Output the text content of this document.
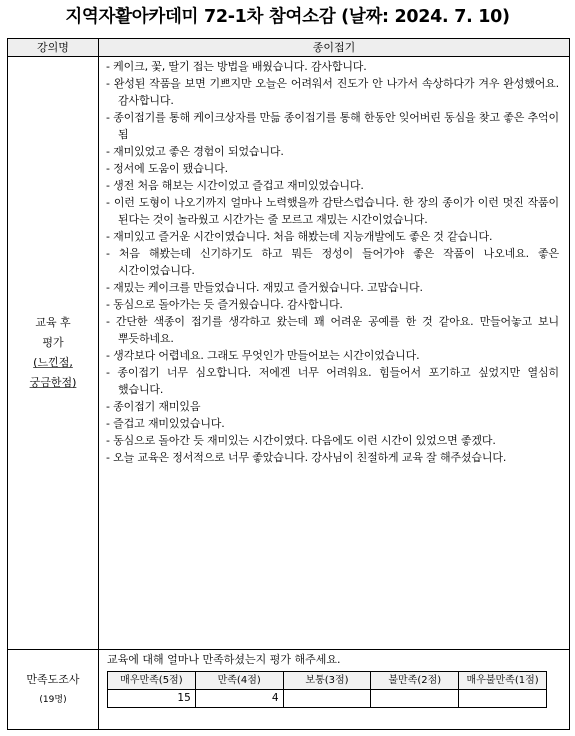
지역자활아카데미 72-1차 참여소감 (날짜: 2024. 7. 10)
강의명	종이접기

교육 후
평가
(느낀점,
궁금한점)

- 케이크, 꽃, 딸기 접는 방법을 배웠습니다. 감사합니다.
- 완성된 작품을 보면 기쁘지만 오늘은 어려워서 진도가 안 나가서 속상하다가 겨우 완성했어요. 감사합니다.
- 종이접기를 통해 케이크상자를 만듦 종이접기를 통해 한동안 잊어버린 동심을 찾고 좋은 추억이 됨
- 재미있었고 좋은 경험이 되었습니다.
- 정서에 도움이 됐습니다.
- 생전 처음 해보는 시간이었고 즐겁고 재미있었습니다.
- 이런 도형이 나오기까지 얼마나 노력했을까 감탄스럽습니다. 한 장의 종이가 이런 멋진 작품이 된다는 것이 놀라웠고 시간가는 줄 모르고 재밌는 시간이었습니다.
- 재미있고 즐거운 시간이였습니다. 처음 해봤는데 지능개발에도 좋은 것 같습니다.
- 처음 해봤는데 신기하기도 하고 뭐든 정성이 들어가야 좋은 작품이 나오네요. 좋은 시간이었습니다.
- 재밌는 케이크를 만들었습니다. 재밌고 즐거웠습니다. 고맙습니다.
- 동심으로 돌아가는 듯 즐거웠습니다. 감사합니다.
- 간단한 색종이 접기를 생각하고 왔는데 꽤 어려운 공예를 한 것 같아요. 만들어놓고 보니 뿌듯하네요.
- 생각보다 어렵네요. 그래도 무엇인가 만들어보는 시간이었습니다.
- 종이접기 너무 심오합니다. 저에겐 너무 어려워요. 힘들어서 포기하고 싶었지만 열심히 했습니다.
- 종이접기 재미있음
- 즐겁고 재미있었습니다.
- 동심으로 돌아간 듯 재미있는 시간이였다. 다음에도 이런 시간이 있었으면 좋겠다.
- 오늘 교육은 정서적으로 너무 좋았습니다. 강사님이 친절하게 교육 잘 해주셨습니다.

만족도조사
(19명)

교육에 대해 얼마나 만족하셨는지 평가 해주세요.
매우만족(5점)	만족(4점)	보통(3점)	불만족(2점)	매우불만족(1점)
15	4			
